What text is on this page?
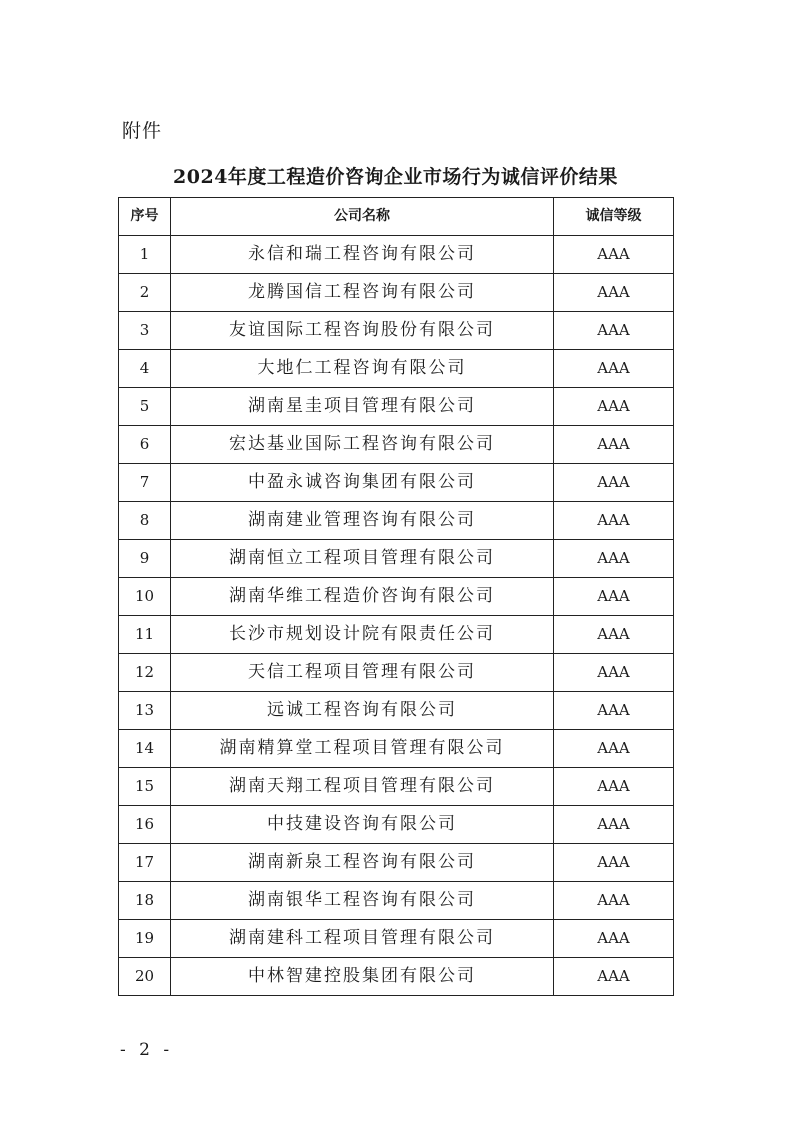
附件
2024年度工程造价咨询企业市场行为诚信评价结果
序号	公司名称	诚信等级
1	永信和瑞工程咨询有限公司	AAA
2	龙腾国信工程咨询有限公司	AAA
3	友谊国际工程咨询股份有限公司	AAA
4	大地仁工程咨询有限公司	AAA
5	湖南星圭项目管理有限公司	AAA
6	宏达基业国际工程咨询有限公司	AAA
7	中盈永诚咨询集团有限公司	AAA
8	湖南建业管理咨询有限公司	AAA
9	湖南恒立工程项目管理有限公司	AAA
10	湖南华维工程造价咨询有限公司	AAA
11	长沙市规划设计院有限责任公司	AAA
12	天信工程项目管理有限公司	AAA
13	远诚工程咨询有限公司	AAA
14	湖南精算堂工程项目管理有限公司	AAA
15	湖南天翔工程项目管理有限公司	AAA
16	中技建设咨询有限公司	AAA
17	湖南新泉工程咨询有限公司	AAA
18	湖南银华工程咨询有限公司	AAA
19	湖南建科工程项目管理有限公司	AAA
20	中林智建控股集团有限公司	AAA
- 2 -
